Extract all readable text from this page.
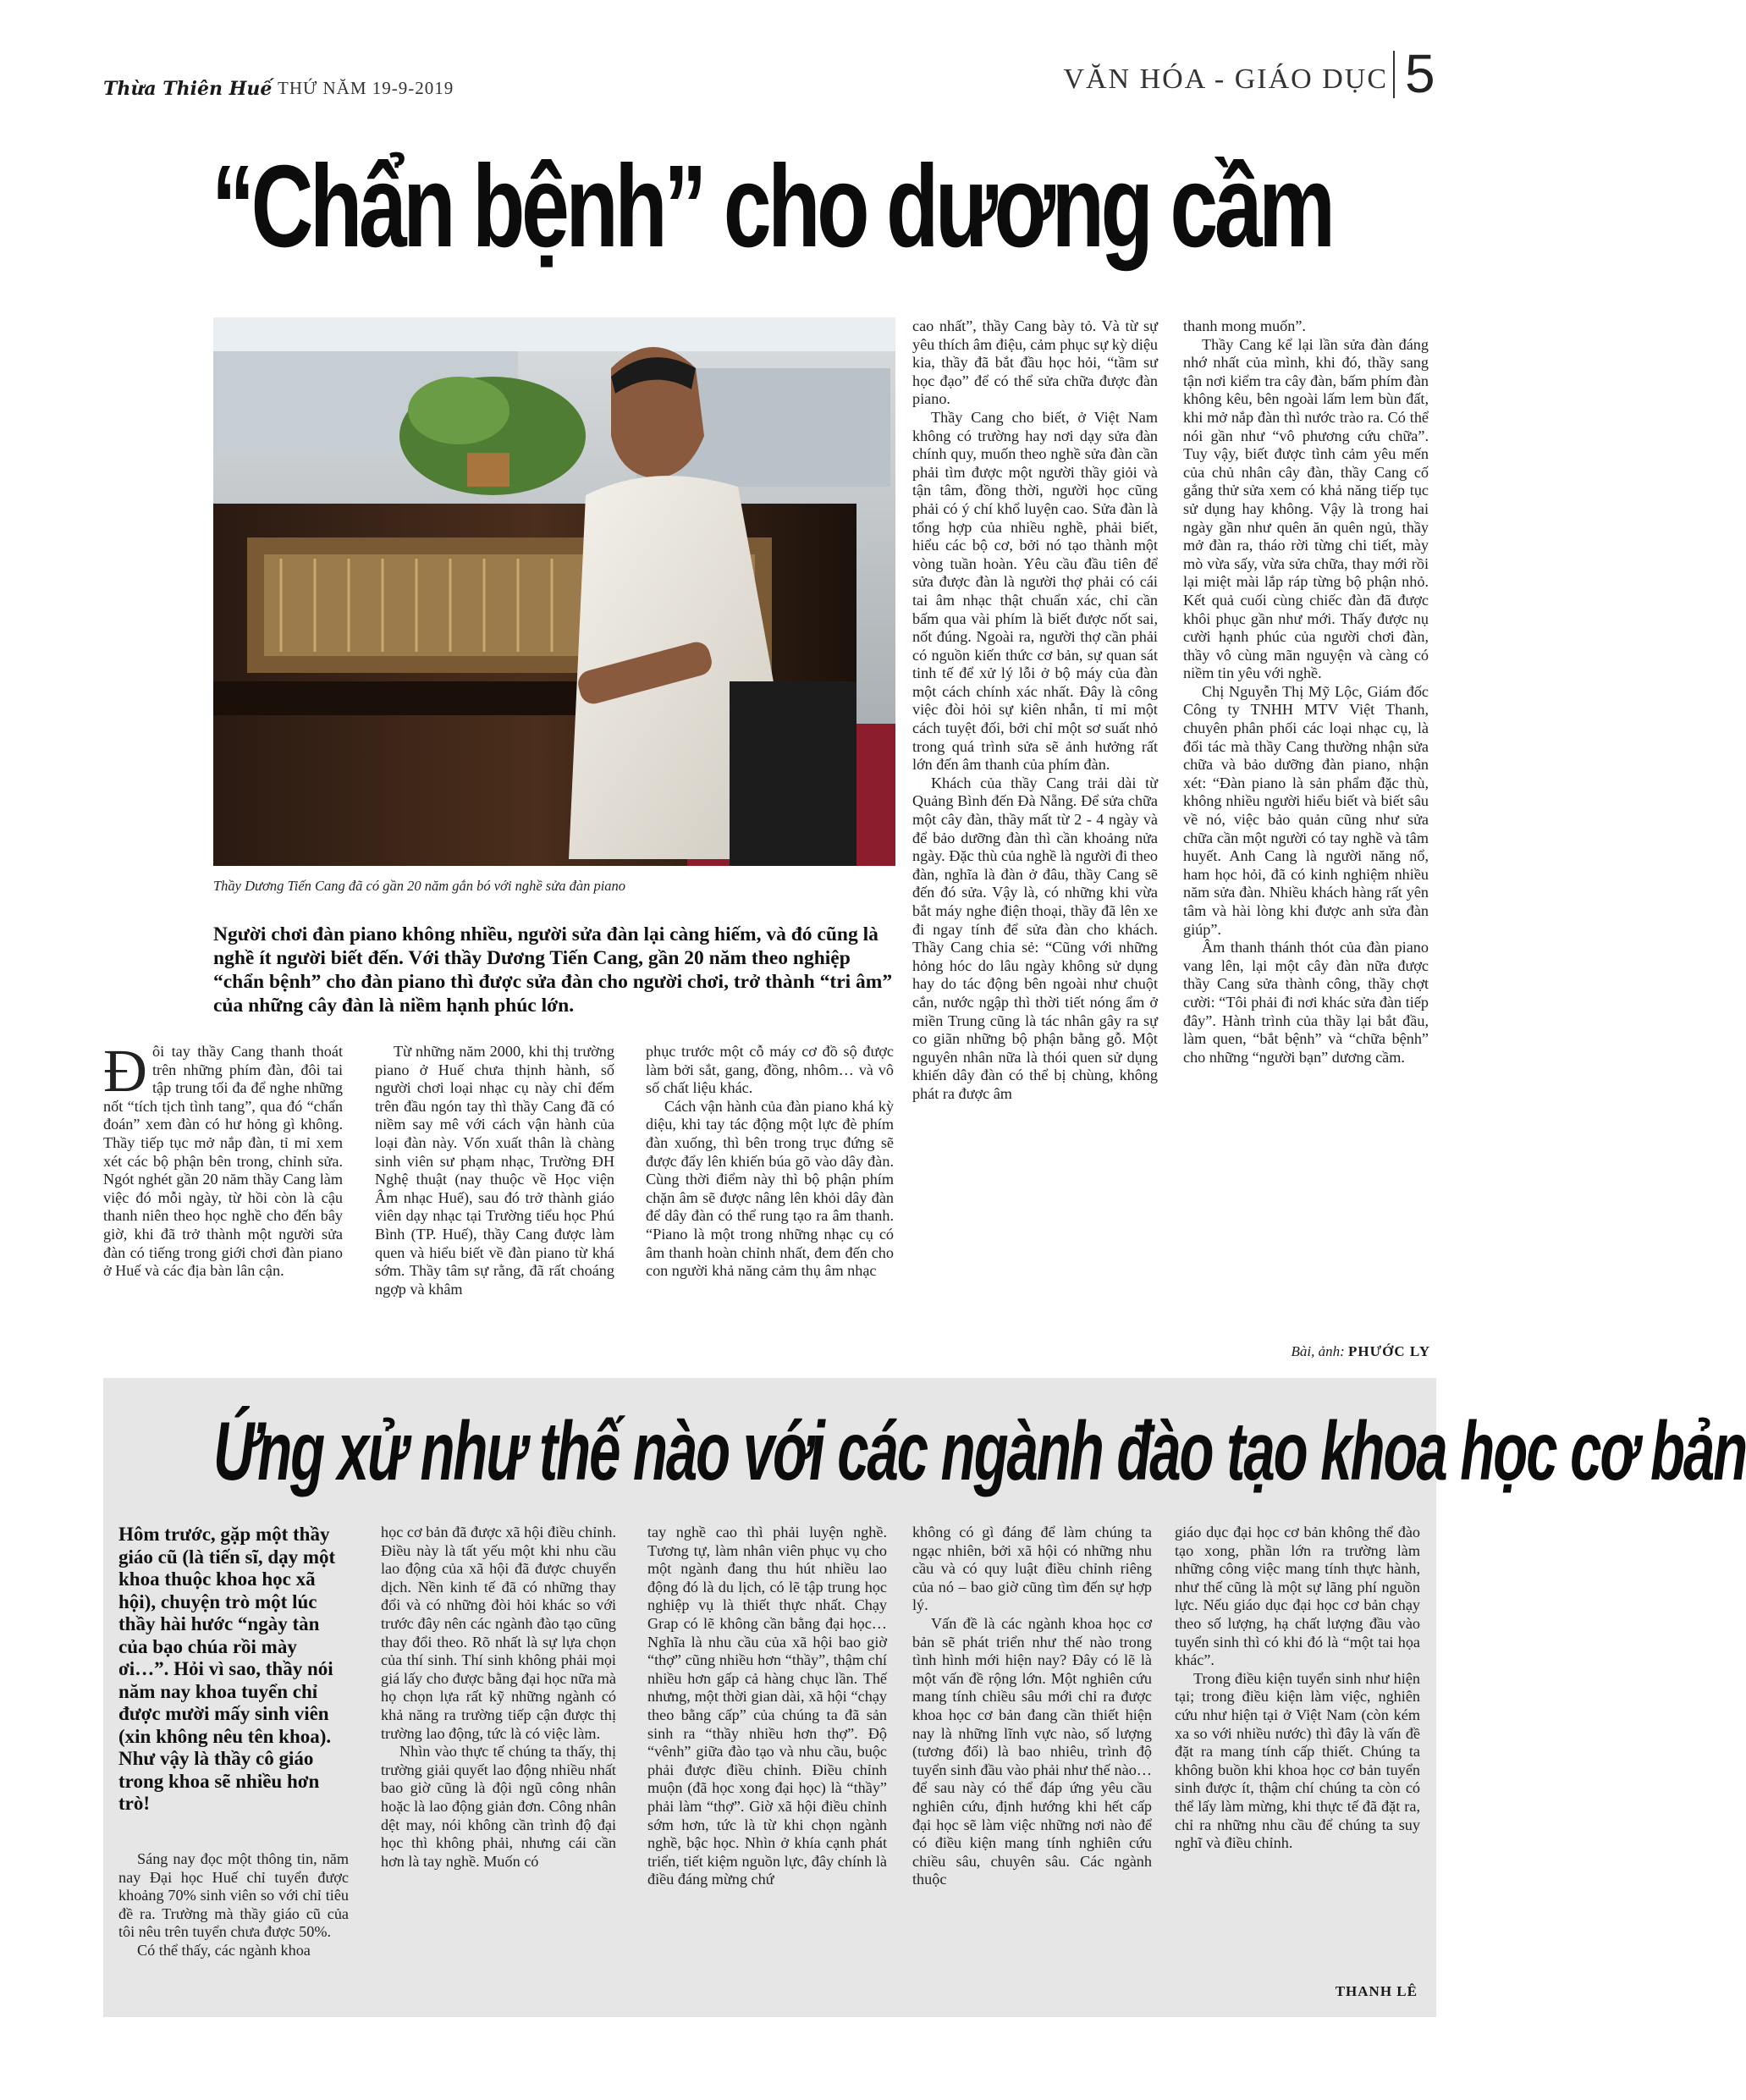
Thừa Thiên Huế THỨ NĂM 19-9-2019	VĂN HÓA - GIÁO DỤC 5
“Chẩn bệnh” cho dương cầm
Thầy Dương Tiến Cang đã có gần 20 năm gắn bó với nghề sửa đàn piano
Người chơi đàn piano không nhiều, người sửa đàn lại càng hiếm, và đó cũng là nghề ít người biết đến. Với thầy Dương Tiến Cang, gần 20 năm theo nghiệp “chẩn bệnh” cho đàn piano thì được sửa đàn cho người chơi, trở thành “tri âm” của những cây đàn là niềm hạnh phúc lớn.

Đôi tay thầy Cang thanh thoát trên những phím đàn, đôi tai tập trung tối đa để nghe những nốt “tích tịch tình tang”, qua đó “chẩn đoán” xem đàn có hư hỏng gì không. Thầy tiếp tục mở nắp đàn, tỉ mỉ xem xét các bộ phận bên trong, chỉnh sửa. Ngót nghét gần 20 năm thầy Cang làm việc đó mỗi ngày, từ hồi còn là cậu thanh niên theo học nghề cho đến bây giờ, khi đã trở thành một người sửa đàn có tiếng trong giới chơi đàn piano ở Huế và các địa bàn lân cận.

Từ những năm 2000, khi thị trường piano ở Huế chưa thịnh hành, số người chơi loại nhạc cụ này chỉ đếm trên đầu ngón tay thì thầy Cang đã có niềm say mê với cách vận hành của loại đàn này. Vốn xuất thân là chàng sinh viên sư phạm nhạc, Trường ĐH Nghệ thuật (nay thuộc về Học viện Âm nhạc Huế), sau đó trở thành giáo viên dạy nhạc tại Trường tiểu học Phú Bình (TP. Huế), thầy Cang được làm quen và hiểu biết về đàn piano từ khá sớm. Thầy tâm sự rằng, đã rất choáng ngợp và khâm

phục trước một cỗ máy cơ đồ sộ được làm bởi sắt, gang, đồng, nhôm… và vô số chất liệu khác.

Cách vận hành của đàn piano khá kỳ diệu, khi tay tác động một lực đè phím đàn xuống, thì bên trong trục đứng sẽ được đẩy lên khiến búa gõ vào dây đàn. Cùng thời điểm này thì bộ phận phím chặn âm sẽ được nâng lên khỏi dây đàn để dây đàn có thể rung tạo ra âm thanh. “Piano là một trong những nhạc cụ có âm thanh hoàn chỉnh nhất, đem đến cho con người khả năng cảm thụ âm nhạc

cao nhất”, thầy Cang bày tỏ. Và từ sự yêu thích âm điệu, cảm phục sự kỳ diệu kia, thầy đã bắt đầu học hỏi, “tầm sư học đạo” để có thể sửa chữa được đàn piano.

Thầy Cang cho biết, ở Việt Nam không có trường hay nơi dạy sửa đàn chính quy, muốn theo nghề sửa đàn cần phải tìm được một người thầy giỏi và tận tâm, đồng thời, người học cũng phải có ý chí khổ luyện cao. Sửa đàn là tổng hợp của nhiều nghề, phải biết, hiểu các bộ cơ, bởi nó tạo thành một vòng tuần hoàn. Yêu cầu đầu tiên để sửa được đàn là người thợ phải có cái tai âm nhạc thật chuẩn xác, chỉ cần bấm qua vài phím là biết được nốt sai, nốt đúng. Ngoài ra, người thợ cần phải có nguồn kiến thức cơ bản, sự quan sát tinh tế để xử lý lỗi ở bộ máy của đàn một cách chính xác nhất. Đây là công việc đòi hỏi sự kiên nhẫn, tỉ mỉ một cách tuyệt đối, bởi chỉ một sơ suất nhỏ trong quá trình sửa sẽ ảnh hưởng rất lớn đến âm thanh của phím đàn.

Khách của thầy Cang trải dài từ Quảng Bình đến Đà Nẵng. Để sửa chữa một cây đàn, thầy mất từ 2 - 4 ngày và để bảo dưỡng đàn thì cần khoảng nửa ngày. Đặc thù của nghề là người đi theo đàn, nghĩa là đàn ở đâu, thầy Cang sẽ đến đó sửa. Vậy là, có những khi vừa bắt máy nghe điện thoại, thầy đã lên xe đi ngay tính để sửa đàn cho khách. Thầy Cang chia sẻ: “Cũng với những hỏng hóc do lâu ngày không sử dụng hay do tác động bên ngoài như chuột cắn, nước ngập thì thời tiết nóng ẩm ở miền Trung cũng là tác nhân gây ra sự co giãn những bộ phận bằng gỗ. Một nguyên nhân nữa là thói quen sử dụng khiến dây đàn có thể bị chùng, không phát ra được âm

thanh mong muốn”.

Thầy Cang kể lại lần sửa đàn đáng nhớ nhất của mình, khi đó, thầy sang tận nơi kiểm tra cây đàn, bấm phím đàn không kêu, bên ngoài lấm lem bùn đất, khi mở nắp đàn thì nước trào ra. Có thể nói gần như “vô phương cứu chữa”. Tuy vậy, biết được tình cảm yêu mến của chủ nhân cây đàn, thầy Cang cố gắng thử sửa xem có khả năng tiếp tục sử dụng hay không. Vậy là trong hai ngày gần như quên ăn quên ngủ, thầy mở đàn ra, tháo rời từng chi tiết, mày mò vừa sấy, vừa sửa chữa, thay mới rồi lại miệt mài lắp ráp từng bộ phận nhỏ. Kết quả cuối cùng chiếc đàn đã được khôi phục gần như mới. Thấy được nụ cười hạnh phúc của người chơi đàn, thầy vô cùng mãn nguyện và càng có niềm tin yêu với nghề.

Chị Nguyễn Thị Mỹ Lộc, Giám đốc Công ty TNHH MTV Việt Thanh, chuyên phân phối các loại nhạc cụ, là đối tác mà thầy Cang thường nhận sửa chữa và bảo dưỡng đàn piano, nhận xét: “Đàn piano là sản phẩm đặc thù, không nhiều người hiểu biết và biết sâu về nó, việc bảo quản cũng như sửa chữa cần một người có tay nghề và tâm huyết. Anh Cang là người năng nổ, ham học hỏi, đã có kinh nghiệm nhiều năm sửa đàn. Nhiều khách hàng rất yên tâm và hài lòng khi được anh sửa đàn giúp”.

Âm thanh thánh thót của đàn piano vang lên, lại một cây đàn nữa được thầy Cang sửa thành công, thầy chợt cười: “Tôi phải đi nơi khác sửa đàn tiếp đây”. Hành trình của thầy lại bắt đầu, làm quen, “bắt bệnh” và “chữa bệnh” cho những “người bạn” dương cầm.

Bài, ảnh: PHƯỚC LY
Ứng xử như thế nào với các ngành đào tạo khoa học cơ bản
Hôm trước, gặp một thầy giáo cũ (là tiến sĩ, dạy một khoa thuộc khoa học xã hội), chuyện trò một lúc thầy hài hước “ngày tàn của bạo chúa rồi mày ơi…”. Hỏi vì sao, thầy nói năm nay khoa tuyển chỉ được mười mấy sinh viên (xin không nêu tên khoa). Như vậy là thầy cô giáo trong khoa sẽ nhiều hơn trò!

Sáng nay đọc một thông tin, năm nay Đại học Huế chỉ tuyển được khoảng 70% sinh viên so với chỉ tiêu đề ra. Trường mà thầy giáo cũ của tôi nêu trên tuyển chưa được 50%.

Có thể thấy, các ngành khoa

học cơ bản đã được xã hội điều chỉnh. Điều này là tất yếu một khi nhu cầu lao động của xã hội đã được chuyển dịch. Nền kinh tế đã có những thay đổi và có những đòi hỏi khác so với trước đây nên các ngành đào tạo cũng thay đổi theo. Rõ nhất là sự lựa chọn của thí sinh. Thí sinh không phải mọi giá lấy cho được bằng đại học nữa mà họ chọn lựa rất kỹ những ngành có khả năng ra trường tiếp cận được thị trường lao động, tức là có việc làm.

Nhìn vào thực tế chúng ta thấy, thị trường giải quyết lao động nhiều nhất bao giờ cũng là đội ngũ công nhân hoặc là lao động giản đơn. Công nhân dệt may, nói không cần trình độ đại học thì không phải, nhưng cái cần hơn là tay nghề. Muốn có

tay nghề cao thì phải luyện nghề. Tương tự, làm nhân viên phục vụ cho một ngành đang thu hút nhiều lao động đó là du lịch, có lẽ tập trung học nghiệp vụ là thiết thực nhất. Chạy Grap có lẽ không cần bằng đại học… Nghĩa là nhu cầu của xã hội bao giờ “thợ” cũng nhiều hơn “thầy”, thậm chí nhiều hơn gấp cả hàng chục lần. Thế nhưng, một thời gian dài, xã hội “chạy theo bằng cấp” của chúng ta đã sản sinh ra “thầy nhiều hơn thợ”. Độ “vênh” giữa đào tạo và nhu cầu, buộc phải được điều chỉnh. Điều chỉnh muộn (đã học xong đại học) là “thầy” phải làm “thợ”. Giờ xã hội điều chỉnh sớm hơn, tức là từ khi chọn ngành nghề, bậc học. Nhìn ở khía cạnh phát triển, tiết kiệm nguồn lực, đây chính là điều đáng mừng chứ

không có gì đáng để làm chúng ta ngạc nhiên, bởi xã hội có những nhu cầu và có quy luật điều chỉnh riêng của nó – bao giờ cũng tìm đến sự hợp lý.

Vấn đề là các ngành khoa học cơ bản sẽ phát triển như thế nào trong tình hình mới hiện nay? Đây có lẽ là một vấn đề rộng lớn. Một nghiên cứu mang tính chiều sâu mới chỉ ra được khoa học cơ bản đang cần thiết hiện nay là những lĩnh vực nào, số lượng (tương đối) là bao nhiêu, trình độ tuyển sinh đầu vào phải như thế nào… để sau này có thể đáp ứng yêu cầu nghiên cứu, định hướng khi hết cấp đại học sẽ làm việc những nơi nào để có điều kiện mang tính nghiên cứu chiều sâu, chuyên sâu. Các ngành thuộc

giáo dục đại học cơ bản không thể đào tạo xong, phần lớn ra trường làm những công việc mang tính thực hành, như thế cũng là một sự lãng phí nguồn lực. Nếu giáo dục đại học cơ bản chạy theo số lượng, hạ chất lượng đầu vào tuyển sinh thì có khi đó là “một tai họa khác”.

Trong điều kiện tuyển sinh như hiện tại; trong điều kiện làm việc, nghiên cứu như hiện tại ở Việt Nam (còn kém xa so với nhiều nước) thì đây là vấn đề đặt ra mang tính cấp thiết. Chúng ta không buồn khi khoa học cơ bản tuyển sinh được ít, thậm chí chúng ta còn có thể lấy làm mừng, khi thực tế đã đặt ra, chỉ ra những nhu cầu để chúng ta suy nghĩ và điều chỉnh.

THANH LÊ
